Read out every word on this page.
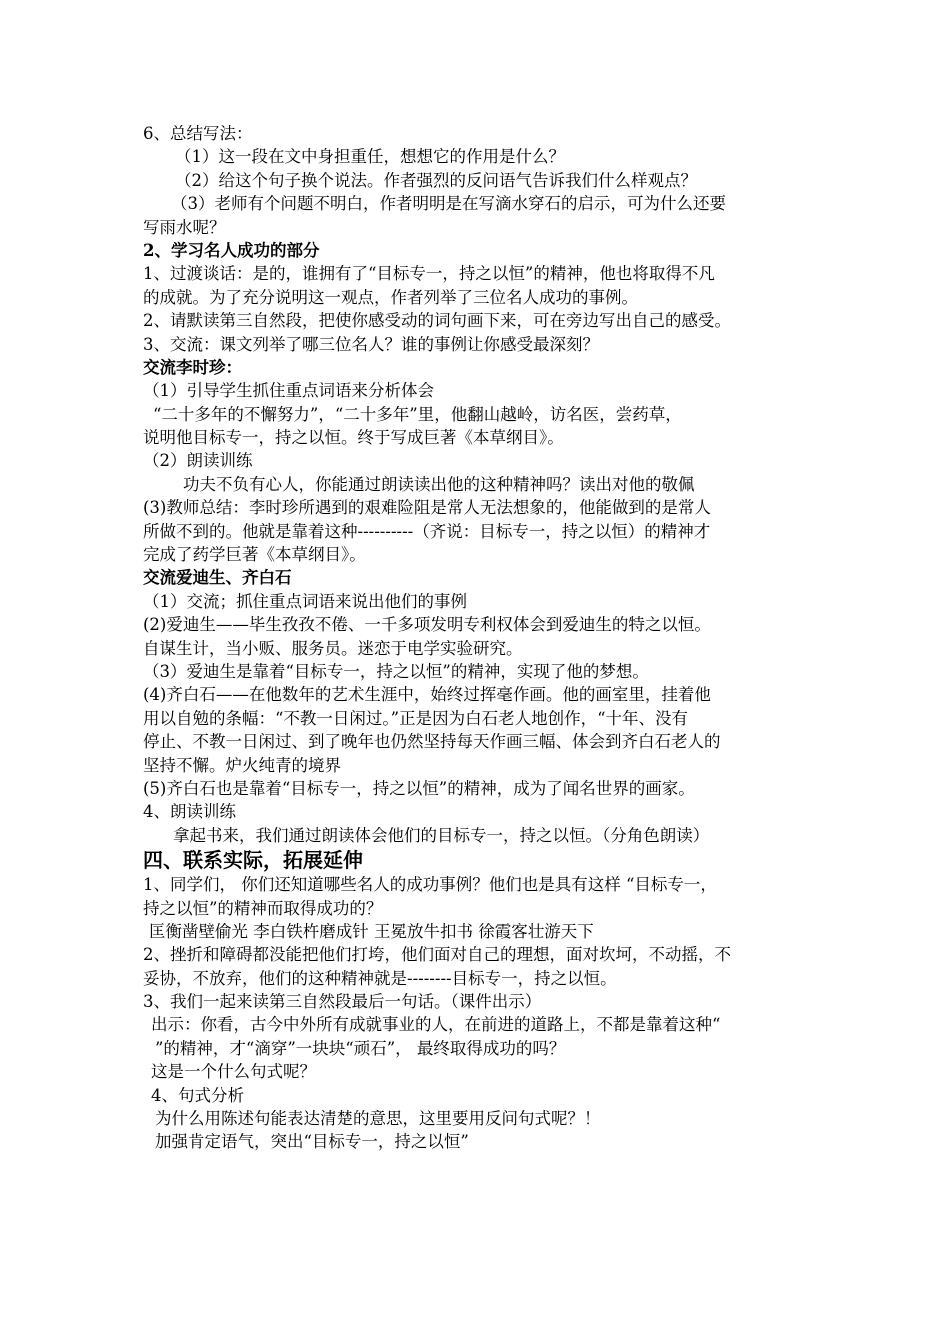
6、总结写法：
（1）这一段在文中身担重任，想想它的作用是什么？
（2）给这个句子换个说法。作者强烈的反问语气告诉我们什么样观点？
（3）老师有个问题不明白，作者明明是在写滴水穿石的启示，可为什么还要
写雨水呢？
2、学习名人成功的部分
1、过渡谈话：是的，谁拥有了“目标专一，持之以恒”的精神，他也将取得不凡
的成就。为了充分说明这一观点，作者列举了三位名人成功的事例。
2、请默读第三自然段，把使你感受动的词句画下来，可在旁边写出自己的感受。
3、交流：课文列举了哪三位名人？谁的事例让你感受最深刻？
交流李时珍：
（1）引导学生抓住重点词语来分析体会
“二十多年的不懈努力”，“二十多年”里，他翻山越岭，访名医，尝药草，
说明他目标专一，持之以恒。终于写成巨著《本草纲目》。
（2）朗读训练
功夫不负有心人，你能通过朗读读出他的这种精神吗？读出对他的敬佩
(3)教师总结：李时珍所遇到的艰难险阻是常人无法想象的，他能做到的是常人
所做不到的。他就是靠着这种----------（齐说：目标专一，持之以恒）的精神才
完成了药学巨著《本草纲目》。
交流爱迪生、齐白石
（1）交流；抓住重点词语来说出他们的事例
(2)爱迪生——毕生孜孜不倦、一千多项发明专利权体会到爱迪生的特之以恒。
自谋生计，当小贩、服务员。迷恋于电学实验研究。
（3）爱迪生是靠着“目标专一，持之以恒”的精神，实现了他的梦想。
(4)齐白石——在他数年的艺术生涯中，始终过挥毫作画。他的画室里，挂着他
用以自勉的条幅：“不教一日闲过。”正是因为白石老人地创作，“十年、没有
停止、不教一日闲过、到了晚年也仍然坚持每天作画三幅、体会到齐白石老人的
坚持不懈。炉火纯青的境界
(5)齐白石也是靠着“目标专一，持之以恒”的精神，成为了闻名世界的画家。
4、朗读训练
拿起书来，我们通过朗读体会他们的目标专一，持之以恒。（分角色朗读）
四、联系实际，拓展延伸
1、同学们， 你们还知道哪些名人的成功事例？他们也是具有这样 “目标专一，
持之以恒”的精神而取得成功的？
匡衡凿壁偷光 李白铁杵磨成针 王冕放牛扣书 徐霞客壮游天下
2、挫折和障碍都没能把他们打垮，他们面对自己的理想，面对坎坷，不动摇，不
妥协，不放弃，他们的这种精神就是--------目标专一，持之以恒。
3、我们一起来读第三自然段最后一句话。（课件出示）
出示：你看，古今中外所有成就事业的人，在前进的道路上，不都是靠着这种“
”的精神，才“滴穿”一块块“顽石”， 最终取得成功的吗？
这是一个什么句式呢？
4、句式分析
为什么用陈述句能表达清楚的意思，这里要用反问句式呢？！
加强肯定语气，突出“目标专一，持之以恒”
